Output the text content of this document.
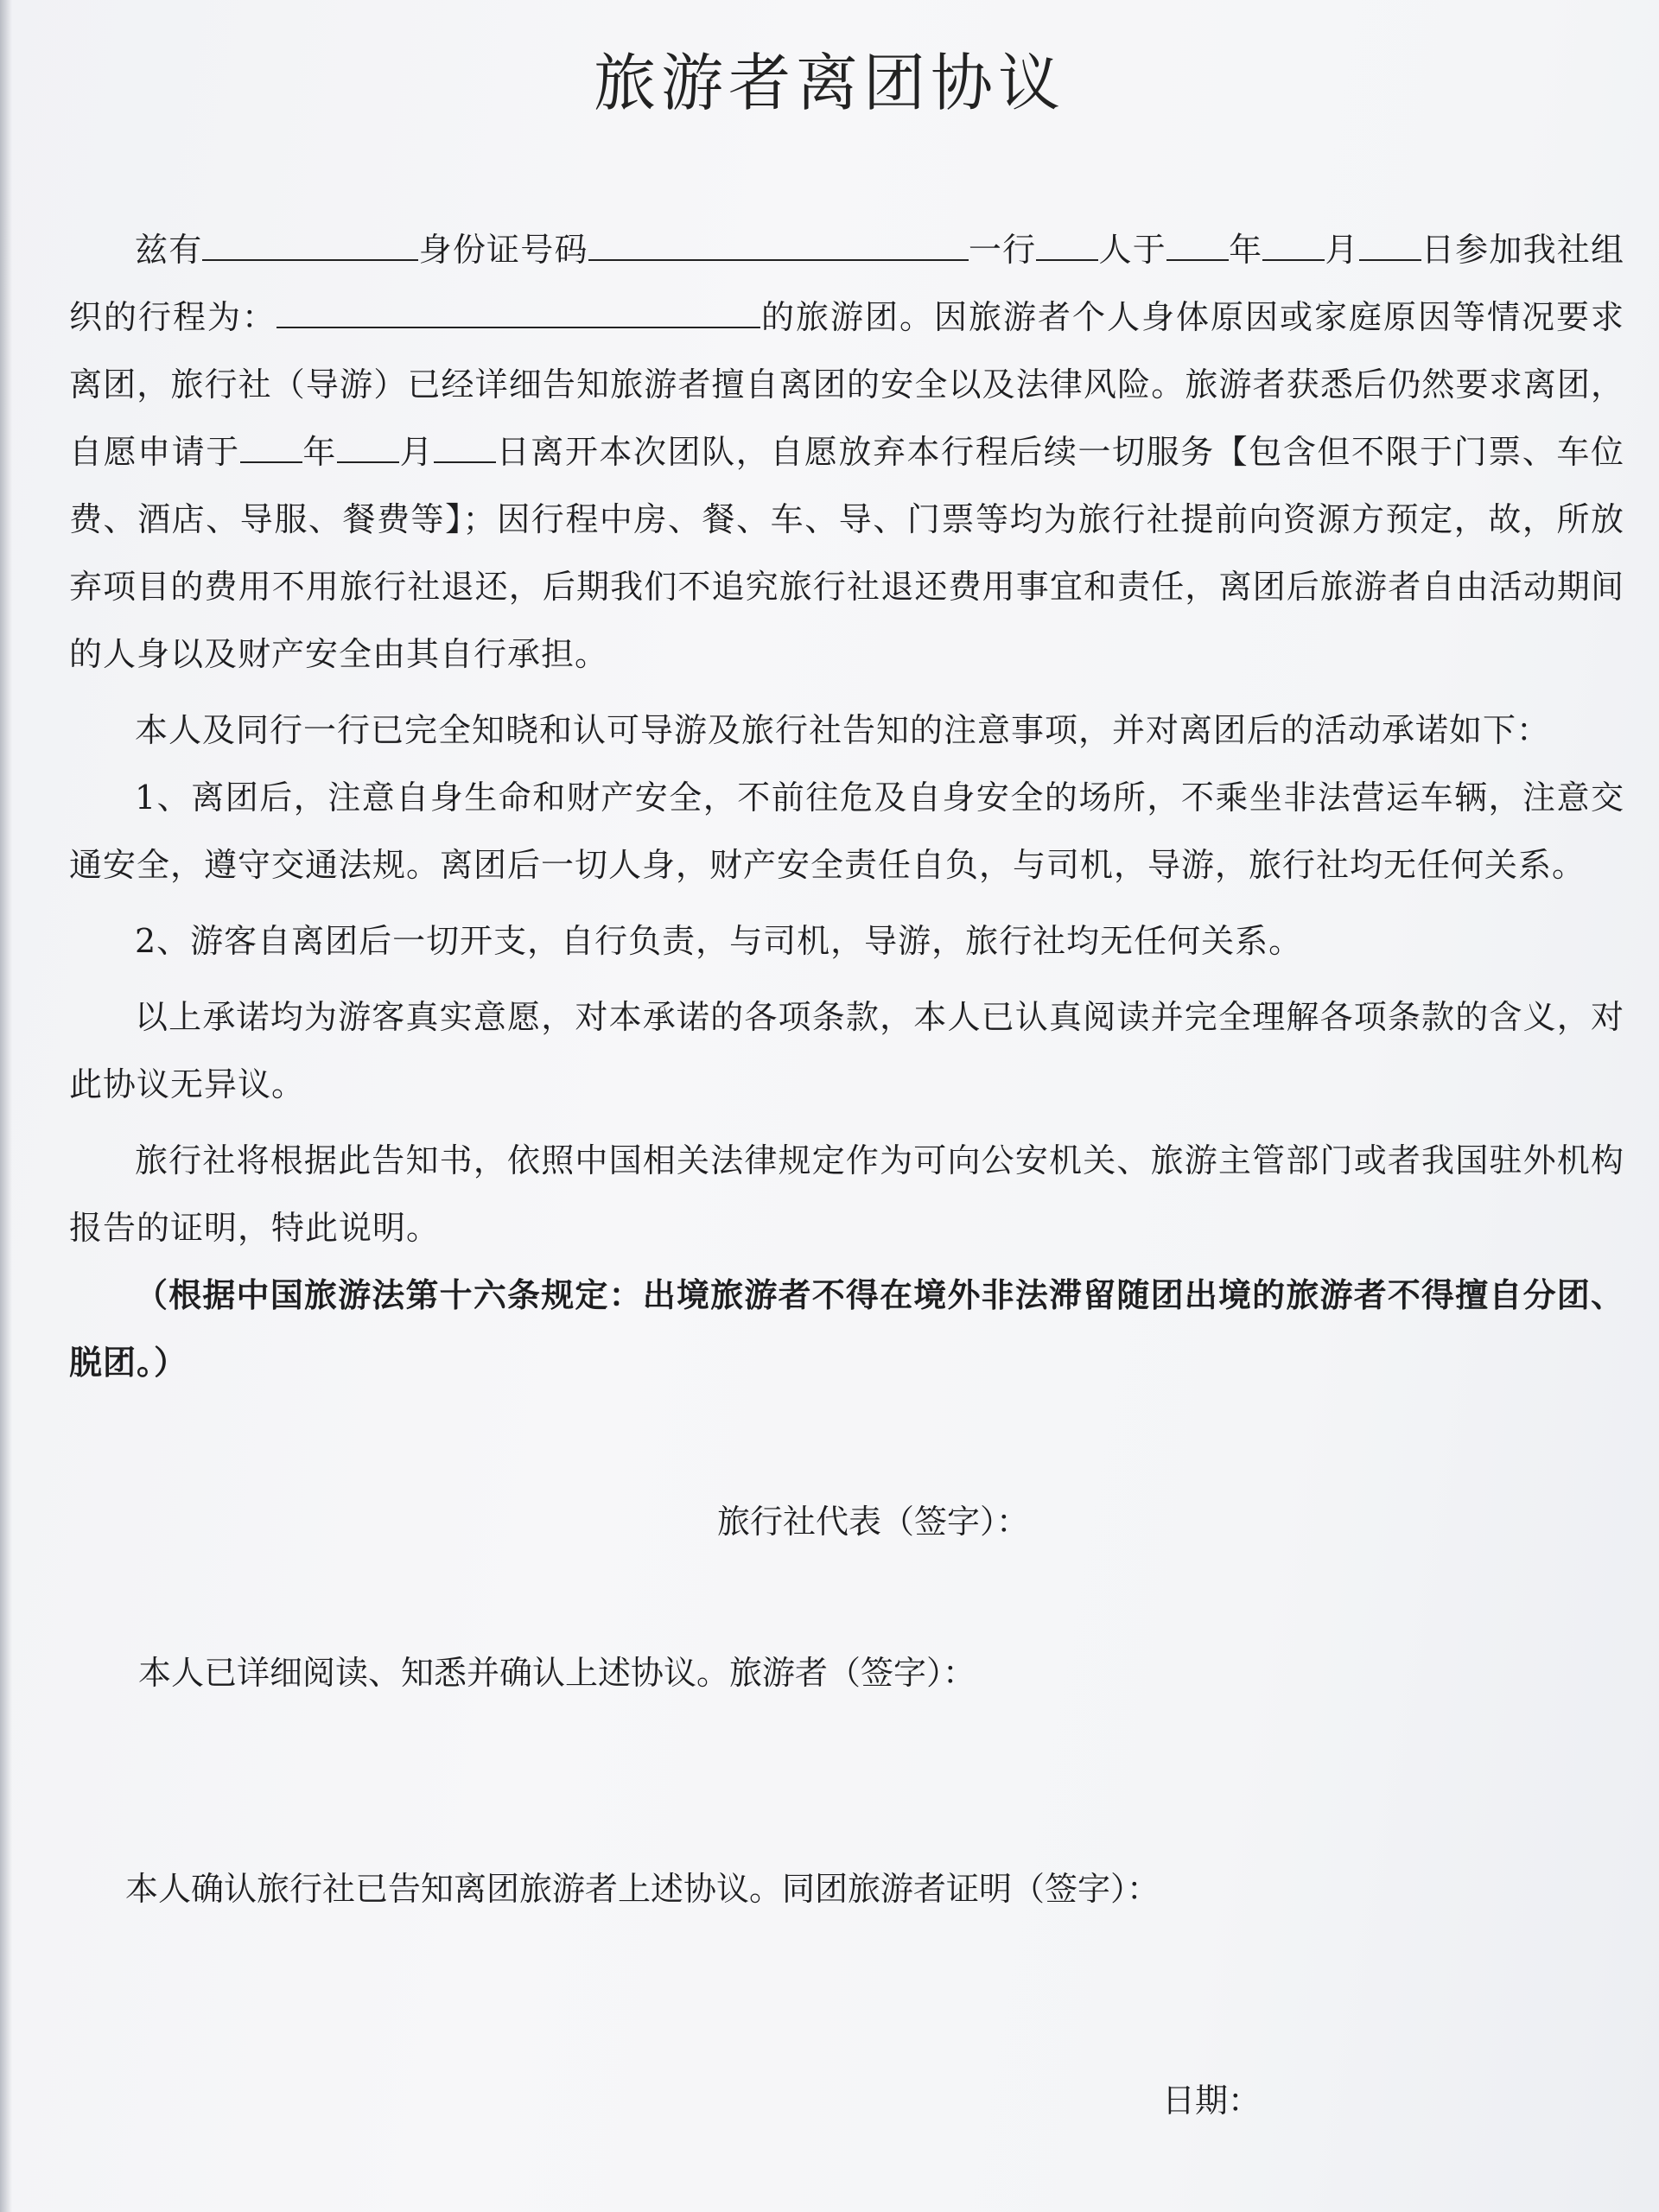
旅游者离团协议

兹有	身份证号码	一行 人于 年 月 日参加我社组织的行程为：	的旅游团。因旅游者个人身体原因或家庭原因等情况要求离团，旅行社（导游）已经详细告知旅游者擅自离团的安全以及法律风险。旅游者获悉后仍然要求离团，自愿申请于 年 月 日离开本次团队，自愿放弃本行程后续一切服务【包含但不限于门票、车位费、酒店、导服、餐费等】；因行程中房、餐、车、导、门票等均为旅行社提前向资源方预定，故，所放弃项目的费用不用旅行社退还，后期我们不追究旅行社退还费用事宜和责任，离团后旅游者自由活动期间的人身以及财产安全由其自行承担。

本人及同行一行已完全知晓和认可导游及旅行社告知的注意事项，并对离团后的活动承诺如下：

1、离团后，注意自身生命和财产安全，不前往危及自身安全的场所，不乘坐非法营运车辆，注意交通安全，遵守交通法规。离团后一切人身，财产安全责任自负，与司机，导游，旅行社均无任何关系。

2、游客自离团后一切开支，自行负责，与司机，导游，旅行社均无任何关系。

以上承诺均为游客真实意愿，对本承诺的各项条款，本人已认真阅读并完全理解各项条款的含义，对此协议无异议。

旅行社将根据此告知书，依照中国相关法律规定作为可向公安机关、旅游主管部门或者我国驻外机构报告的证明，特此说明。

（根据中国旅游法第十六条规定：出境旅游者不得在境外非法滞留随团出境的旅游者不得擅自分团、脱团。）

旅行社代表（签字）：
本人已详细阅读、知悉并确认上述协议。旅游者（签字）：
本人确认旅行社已告知离团旅游者上述协议。同团旅游者证明（签字）：
日期：
